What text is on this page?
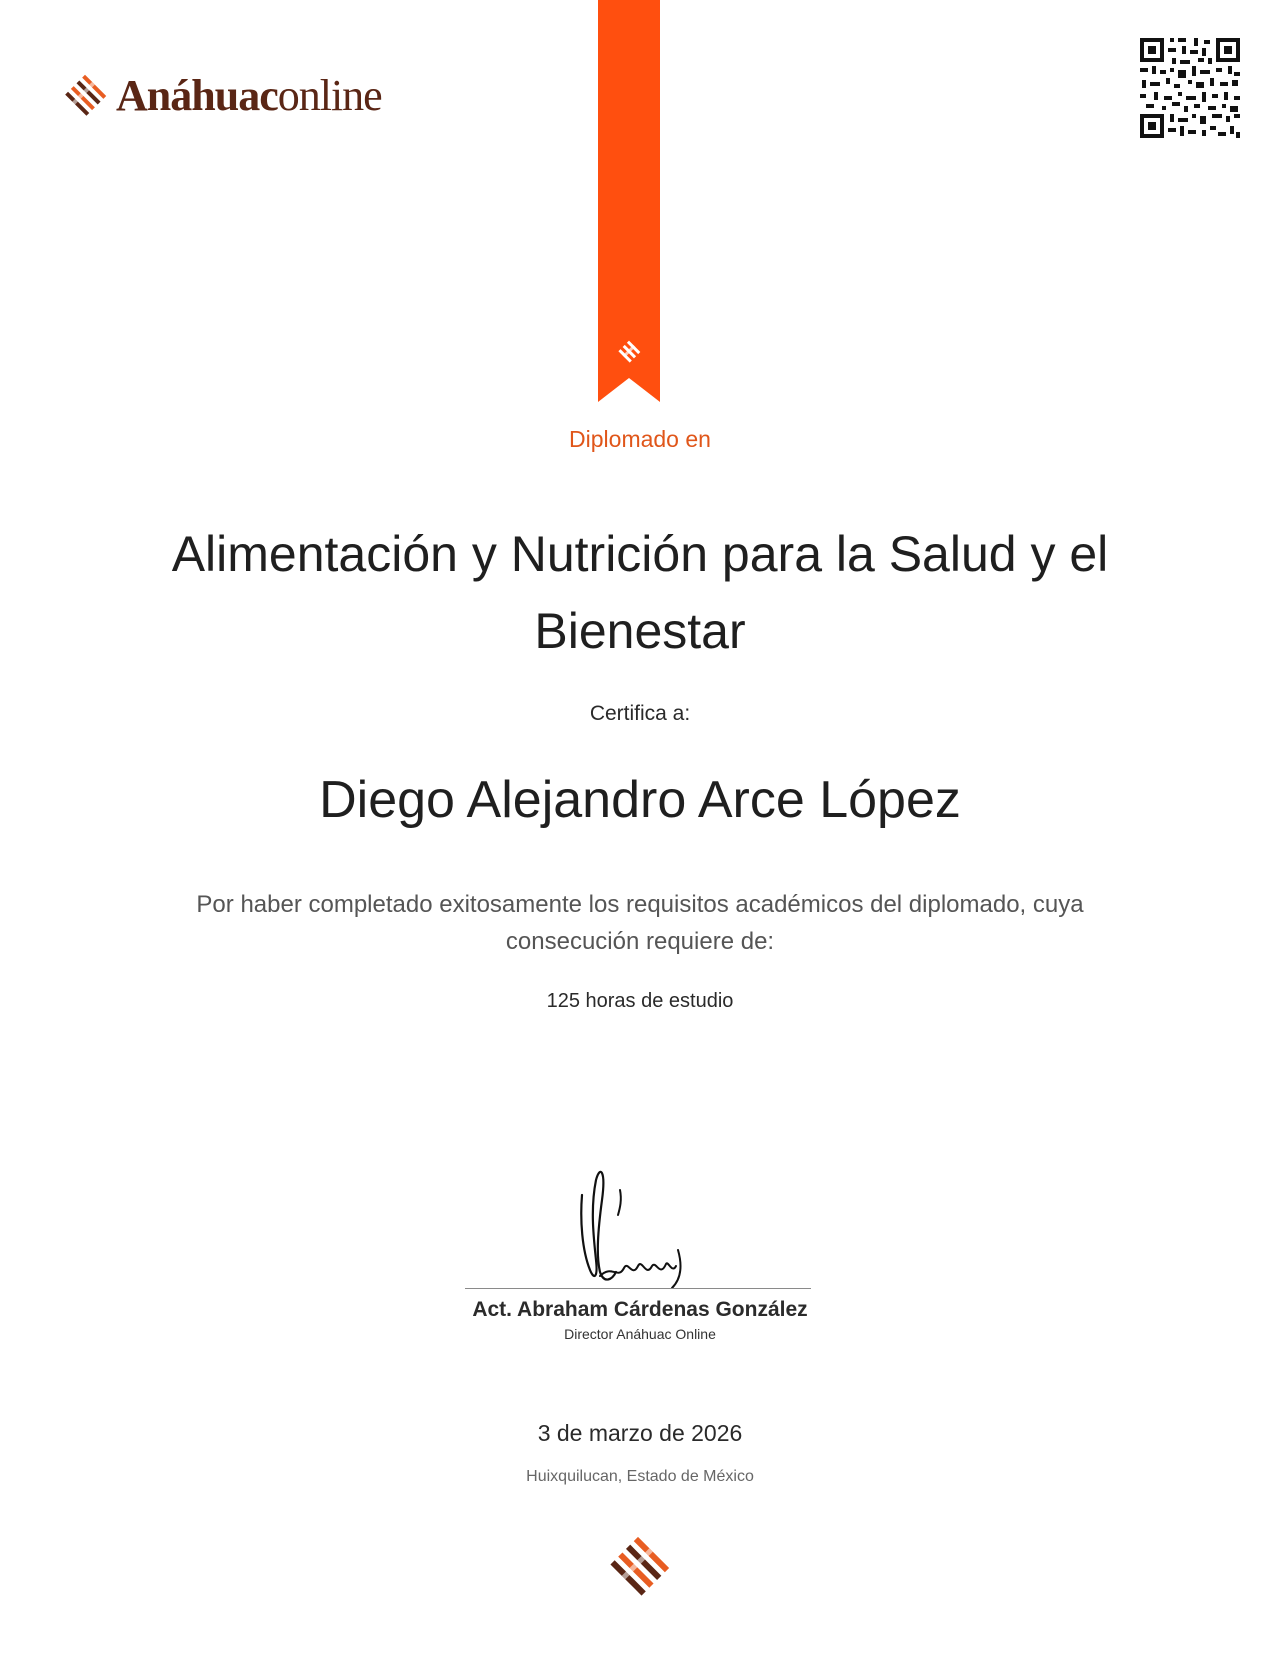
Anáhuaconline
Diplomado en
Alimentación y Nutrición para la Salud y el Bienestar
Certifica a:
Diego Alejandro Arce López
Por haber completado exitosamente los requisitos académicos del diplomado, cuya consecución requiere de:
125 horas de estudio
Act. Abraham Cárdenas González
Director Anáhuac Online
3 de marzo de 2026
Huixquilucan, Estado de México
